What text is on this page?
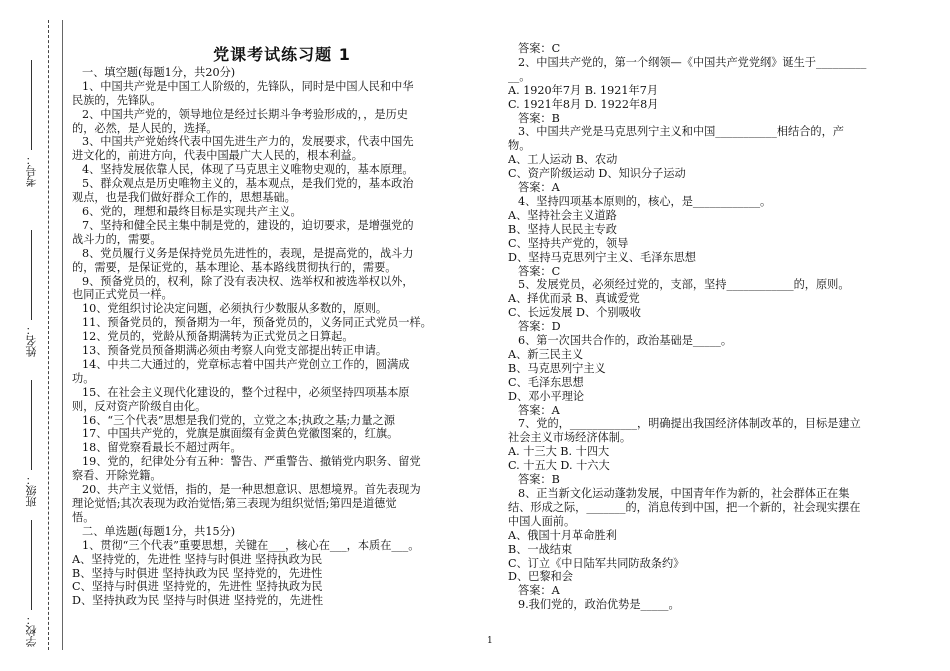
考号：
姓名：
班级：
学校：
党课考试练习题 1
一、填空题(每题1分，共20分)
1、中国共产党是中国工人阶级的，先锋队，同时是中国人民和中华
民族的，先锋队。
2、中国共产党的，领导地位是经过长期斗争考验形成的，，是历史
的，必然，是人民的，选择。
3、中国共产党始终代表中国先进生产力的，发展要求，代表中国先
进文化的，前进方向，代表中国最广大人民的，根本利益。
4、坚持发展依靠人民，体现了马克思主义唯物史观的，基本原理。
5、群众观点是历史唯物主义的，基本观点，是我们党的，基本政治
观点，也是我们做好群众工作的，思想基础。
6、党的，理想和最终目标是实现共产主义。
7、坚持和健全民主集中制是党的，建设的，迫切要求，是增强党的
战斗力的，需要。
8、党员履行义务是保持党员先进性的，表现，是提高党的，战斗力
的，需要，是保证党的，基本理论、基本路线贯彻执行的，需要。
9、预备党员的，权利，除了没有表决权、选举权和被选举权以外，
也同正式党员一样。
10、党组织讨论决定问题，必须执行少数服从多数的，原则。
11、预备党员的，预备期为一年，预备党员的，义务同正式党员一样。
12、党员的，党龄从预备期满转为正式党员之日算起。
13、预备党员预备期满必须由考察人向党支部提出转正申请。
14、中共二大通过的，党章标志着中国共产党创立工作的，圆满成
功。
15、在社会主义现代化建设的，整个过程中，必须坚持四项基本原
则，反对资产阶级自由化。
16、“三个代表”思想是我们党的，立党之本;执政之基;力量之源
17、中国共产党的，党旗是旗面缀有金黄色党徽图案的，红旗。
18、留党察看最长不超过两年。
19、党的，纪律处分有五种：警告、严重警告、撤销党内职务、留党
察看、开除党籍。
20、共产主义觉悟，指的，是一种思想意识、思想境界。首先表现为
理论觉悟;其次表现为政治觉悟;第三表现为组织觉悟;第四是道德觉
悟。
二、单选题(每题1分，共15分)
1、贯彻“三个代表”重要思想，关键在___，核心在___，本质在___。
A、坚持党的，先进性 坚持与时俱进 坚持执政为民
B、坚持与时俱进 坚持执政为民 坚持党的，先进性
C、坚持与时俱进 坚持党的，先进性 坚持执政为民
D、坚持执政为民 坚持与时俱进 坚持党的，先进性
答案：C
2、中国共产党的，第一个纲领—《中国共产党党纲》诞生于_________
__。
A. 1920年7月 B. 1921年7月
C. 1921年8月 D. 1922年8月
答案：B
3、中国共产党是马克思列宁主义和中国___________相结合的，产
物。
A、工人运动 B、农动
C、资产阶级运动 D、知识分子运动
答案：A
4、坚持四项基本原则的，核心，是____________。
A、坚持社会主义道路
B、坚持人民民主专政
C、坚持共产党的，领导
D、坚持马克思列宁主义、毛泽东思想
答案：C
5、发展党员，必须经过党的，支部，坚持____________的，原则。
A、择优而录 B、真诚爱党
C、长远发展 D、个别吸收
答案：D
6、第一次国共合作的，政治基础是_____。
A、新三民主义
B、马克思列宁主义
C、毛泽东思想
D、邓小平理论
答案：A
7、党的，____________，明确提出我国经济体制改革的，目标是建立
社会主义市场经济体制。
A. 十三大 B. 十四大
C. 十五大 D. 十六大
答案：B
8、正当新文化运动蓬勃发展，中国青年作为新的，社会群体正在集
结、形成之际，_______的，消息传到中国，把一个新的，社会现实摆在
中国人面前。
A、俄国十月革命胜利
B、一战结束
C、订立《中日陆军共同防敌条约》
D、巴黎和会
答案：A
9.我们党的，政治优势是_____。
1
